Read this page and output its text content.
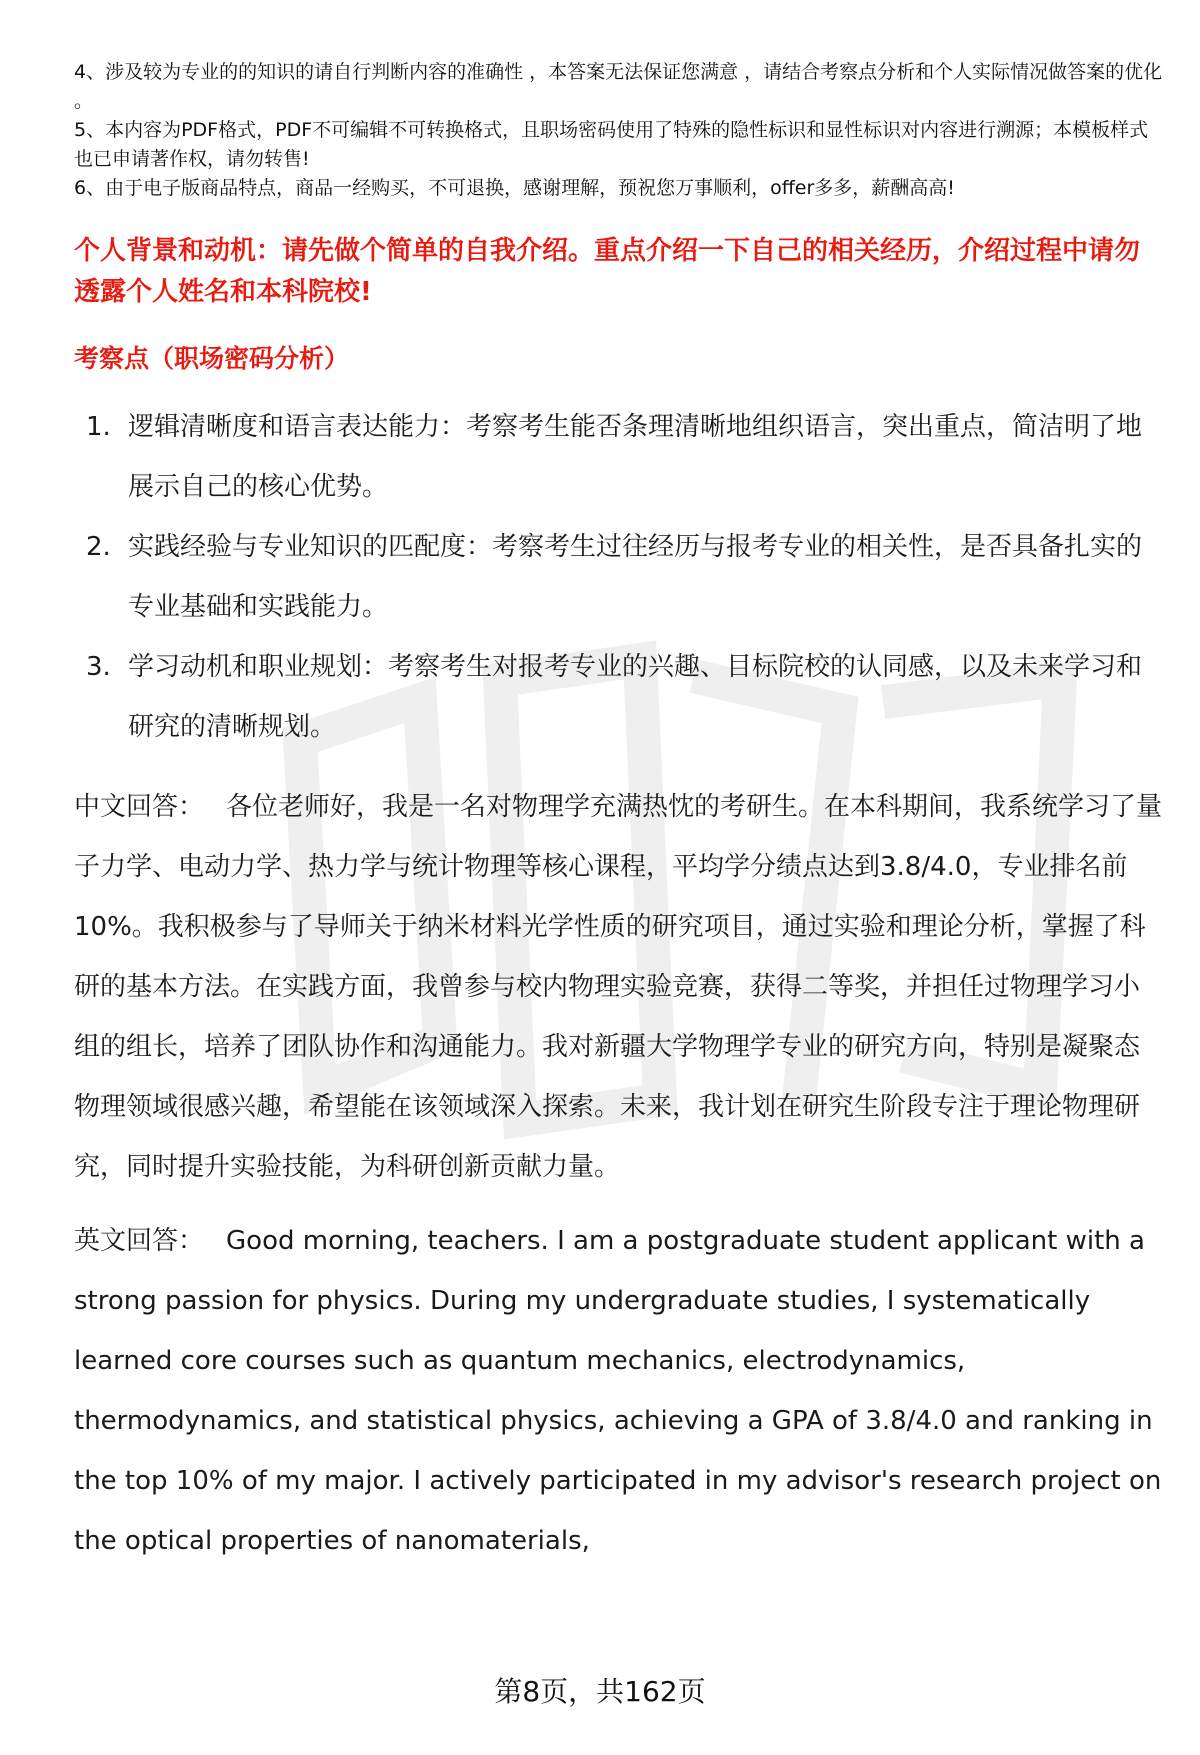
4、涉及较为专业的的知识的请自行判断内容的准确性 ，本答案无法保证您满意 ，请结合考察点分析和个人实际情况做答案的优化 。

5、本内容为PDF格式，PDF不可编辑不可转换格式，且职场密码使用了特殊的隐性标识和显性标识对内容进行溯源；本模板样式也已申请著作权，请勿转售!

6、由于电子版商品特点，商品一经购买，不可退换，感谢理解，预祝您万事顺利，offer多多，薪酬高高!

个人背景和动机：请先做个简单的自我介绍。重点介绍一下自己的相关经历，介绍过程中请勿透露个人姓名和本科院校!
考察点（职场密码分析）
1. 逻辑清晰度和语言表达能力：考察考生能否条理清晰地组织语言，突出重点，简洁明了地展示自己的核心优势。
2. 实践经验与专业知识的匹配度：考察考生过往经历与报考专业的相关性，是否具备扎实的专业基础和实践能力。
3. 学习动机和职业规划：考察考生对报考专业的兴趣、目标院校的认同感，以及未来学习和研究的清晰规划。

中文回答： 各位老师好，我是一名对物理学充满热忱的考研生。在本科期间，我系统学习了量子力学、电动力学、热力学与统计物理等核心课程，平均学分绩点达到3.8/4.0，专业排名前10%。我积极参与了导师关于纳米材料光学性质的研究项目，通过实验和理论分析，掌握了科研的基本方法。在实践方面，我曾参与校内物理实验竞赛，获得二等奖，并担任过物理学习小组的组长，培养了团队协作和沟通能力。我对新疆大学物理学专业的研究方向，特别是凝聚态物理领域很感兴趣，希望能在该领域深入探索。未来，我计划在研究生阶段专注于理论物理研究，同时提升实验技能，为科研创新贡献力量。

英文回答： Good morning, teachers. I am a postgraduate student applicant with a strong passion for physics. During my undergraduate studies, I systematically learned core courses such as quantum mechanics, electrodynamics, thermodynamics, and statistical physics, achieving a GPA of 3.8/4.0 and ranking in the top 10% of my major. I actively participated in my advisor's research project on the optical properties of nanomaterials,

第8页，共162页
